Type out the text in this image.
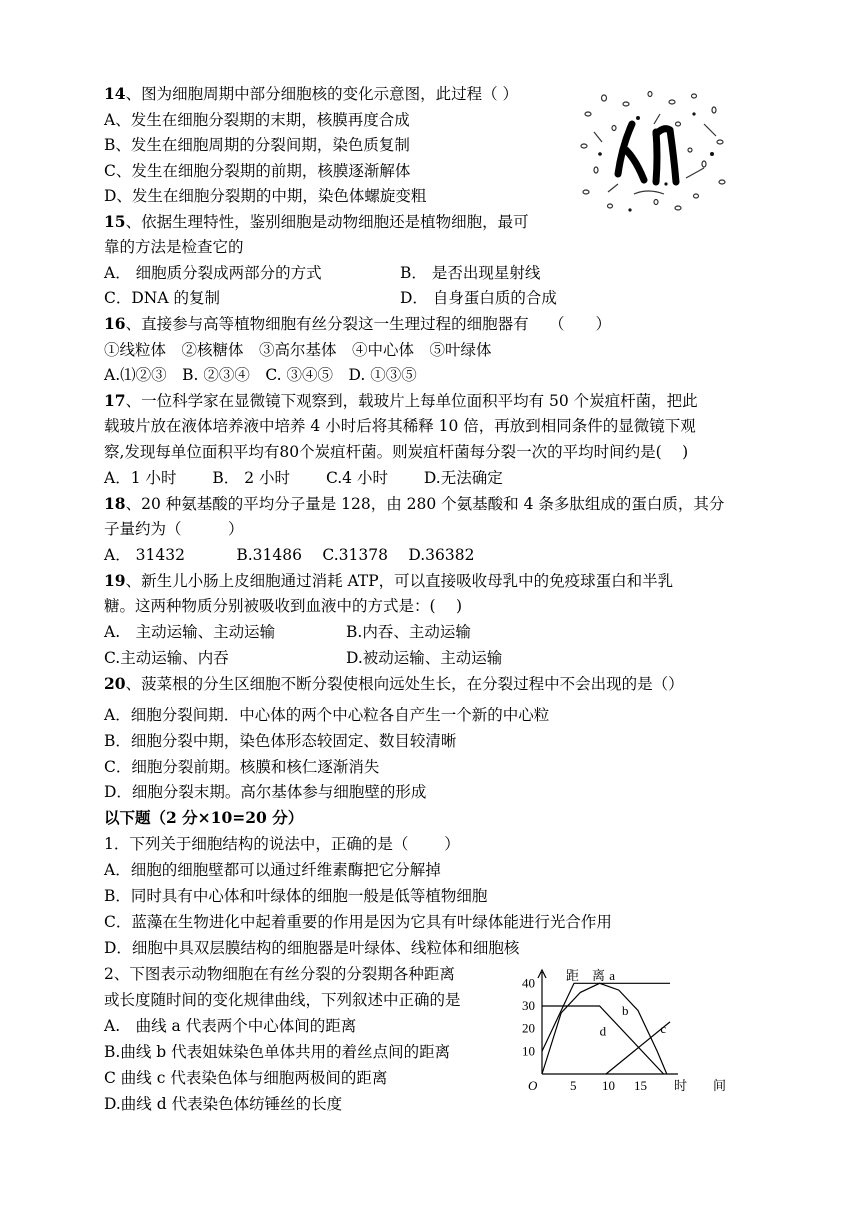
14、图为细胞周期中部分细胞核的变化示意图，此过程（ ）
A、发生在细胞分裂期的末期，核膜再度合成
B、发生在细胞周期的分裂间期，染色质复制
C、发生在细胞分裂期的前期，核膜逐渐解体
D、发生在细胞分裂期的中期，染色体螺旋变粗
15、依据生理特性，鉴别细胞是动物细胞还是植物细胞，最可
靠的方法是检查它的
A． 细胞质分裂成两部分的方式	B． 是否出现星射线
C．DNA 的复制	D． 自身蛋白质的合成
16、直接参与高等植物细胞有丝分裂这一生理过程的细胞器有　 （　　）
①线粒体　②核糖体　③高尔基体　④中心体　⑤叶绿体
A.⑴②③　B. ②③④　C. ③④⑤　D. ①③⑤
17、一位科学家在显微镜下观察到，载玻片上每单位面积平均有 50 个炭疽杆菌，把此
载玻片放在液体培养液中培养 4 小时后将其稀释 10 倍，再放到相同条件的显微镜下观
察,发现每单位面积平均有80个炭疽杆菌。则炭疽杆菌每分裂一次的平均时间约是(　 )
A．1 小时　　 B． 2 小时　　 C.4 小时　　 D.无法确定
18、20 种氨基酸的平均分子量是 128，由 280 个氨基酸和 4 条多肽组成的蛋白质，其分
子量约为（　　　）
A． 31432　　　 B.31486　 C.31378　 D.36382
19、新生儿小肠上皮细胞通过消耗 ATP，可以直接吸收母乳中的免疫球蛋白和半乳
糖。这两种物质分别被吸收到血液中的方式是：(　 )
A.　主动运输、主动运输	B.内吞、主动运输
C.主动运输、内吞	D.被动运输、主动运输
20、菠菜根的分生区细胞不断分裂使根向远处生长，在分裂过程中不会出现的是（）
A．细胞分裂间期．中心体的两个中心粒各自产生一个新的中心粒
B．细胞分裂中期，染色体形态较固定、数目较清晰
C．细胞分裂前期。核膜和核仁逐渐消失
D．细胞分裂末期。高尔基体参与细胞壁的形成
以下题（2 分×10=20 分）
1．下列关于细胞结构的说法中，正确的是（　　 ）
A．细胞的细胞壁都可以通过纤维素酶把它分解掉
B．同时具有中心体和叶绿体的细胞一般是低等植物细胞
C．蓝藻在生物进化中起着重要的作用是因为它具有叶绿体能进行光合作用
D．细胞中具双层膜结构的细胞器是叶绿体、线粒体和细胞核
2、下图表示动物细胞在有丝分裂的分裂期各种距离
或长度随时间的变化规律曲线，下列叙述中正确的是
A.　曲线 a 代表两个中心体间的距离
B.曲线 b 代表姐妹染色单体共用的着丝点间的距离
C 曲线 c 代表染色体与细胞两极间的距离
D.曲线 d 代表染色体纺锤丝的长度
距　离
时　　间
O	5 10 15
10
20
30
40	a
b
c
d
